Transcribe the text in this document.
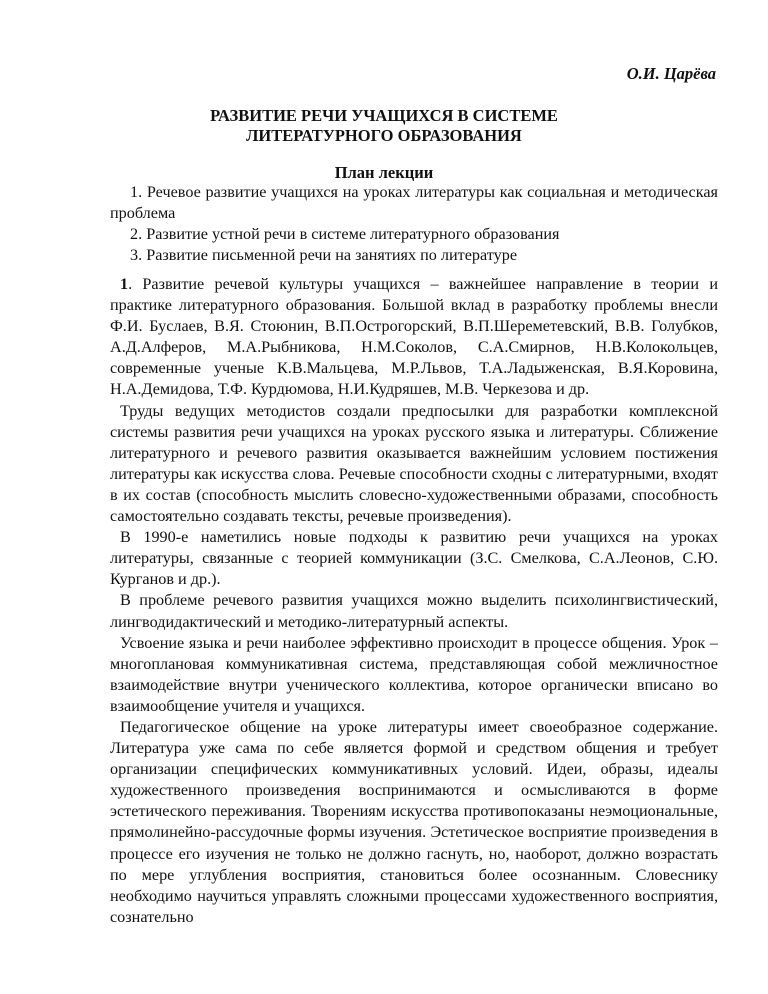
О.И. Царёва
РАЗВИТИЕ РЕЧИ УЧАЩИХСЯ В СИСТЕМЕ
ЛИТЕРАТУРНОГО ОБРАЗОВАНИЯ
План лекции
1. Речевое развитие учащихся на уроках литературы как социальная и методическая проблема
2. Развитие устной речи в системе литературного образования
3. Развитие письменной речи на занятиях по литературе

1. Развитие речевой культуры учащихся – важнейшее направление в теории и практике литературного образования. Большой вклад в разработку проблемы внесли Ф.И. Буслаев, В.Я. Стоюнин, В.П.Острогорский, В.П.Шереметевский, В.В. Голубков, А.Д.Алферов, М.А.Рыбникова, Н.М.Соколов, С.А.Смирнов, Н.В.Колокольцев, современные ученые К.В.Мальцева, М.Р.Львов, Т.А.Ладыженская, В.Я.Коровина, Н.А.Демидова, Т.Ф. Курдюмова, Н.И.Кудряшев, М.В. Черкезова и др.

Труды ведущих методистов создали предпосылки для разработки комплексной системы развития речи учащихся на уроках русского языка и литературы. Сближение литературного и речевого развития оказывается важнейшим условием постижения литературы как искусства слова. Речевые способности сходны с литературными, входят в их состав (способность мыслить словесно-художественными образами, способность самостоятельно создавать тексты, речевые произведения).

В 1990-е наметились новые подходы к развитию речи учащихся на уроках литературы, связанные с теорией коммуникации (З.С. Смелкова, С.А.Леонов, С.Ю. Курганов и др.).

В проблеме речевого развития учащихся можно выделить психолингвистический, лингводидактический и методико-литературный аспекты.

Усвоение языка и речи наиболее эффективно происходит в процессе общения. Урок – многоплановая коммуникативная система, представляющая собой межличностное взаимодействие внутри ученического коллектива, которое органически вписано во взаимообщение учителя и учащихся.

Педагогическое общение на уроке литературы имеет своеобразное содержание. Литература уже сама по себе является формой и средством общения и требует организации специфических коммуникативных условий. Идеи, образы, идеалы художественного произведения воспринимаются и осмысливаются в форме эстетического переживания. Творениям искусства противопоказаны неэмоциональные, прямолинейно-рассудочные формы изучения. Эстетическое восприятие произведения в процессе его изучения не только не должно гаснуть, но, наоборот, должно возрастать по мере углубления восприятия, становиться более осознанным. Словеснику необходимо научиться управлять сложными процессами художественного восприятия, сознательно
